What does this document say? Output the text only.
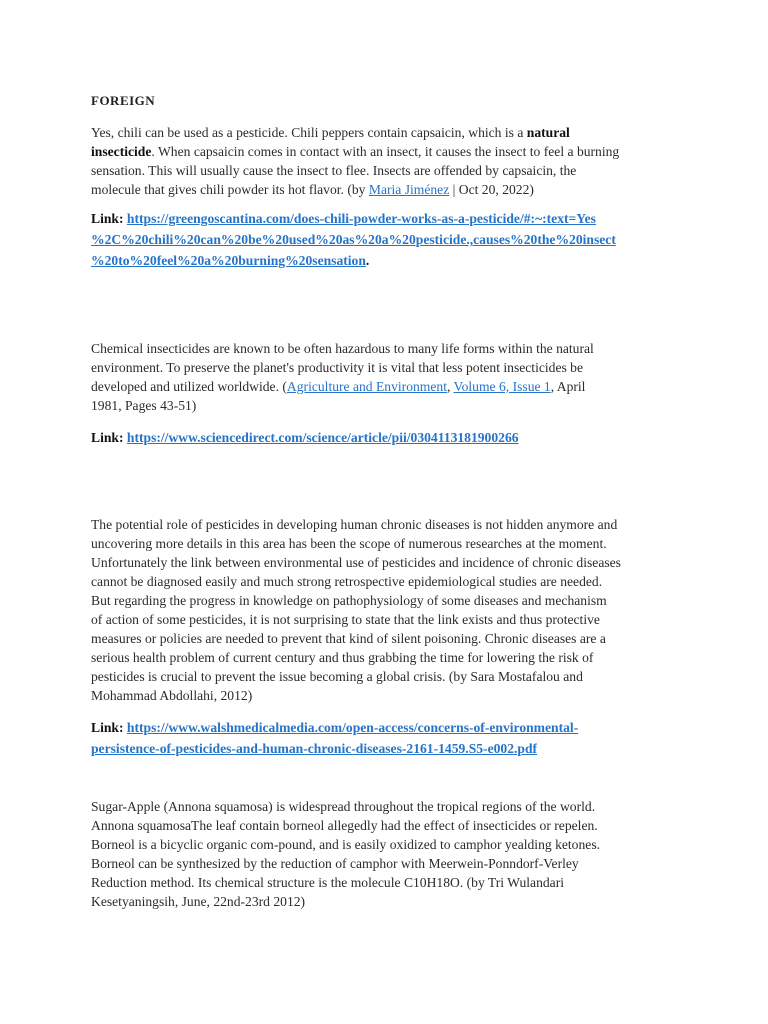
FOREIGN
Yes, chili can be used as a pesticide. Chili peppers contain capsaicin, which is a natural
insecticide. When capsaicin comes in contact with an insect, it causes the insect to feel a burning
sensation. This will usually cause the insect to flee. Insects are offended by capsaicin, the
molecule that gives chili powder its hot flavor. (by Maria Jiménez | Oct 20, 2022)
Link: https://greengoscantina.com/does-chili-powder-works-as-a-pesticide/#:~:text=Yes
%2C%20chili%20can%20be%20used%20as%20a%20pesticide.,causes%20the%20insect
%20to%20feel%20a%20burning%20sensation.
Chemical insecticides are known to be often hazardous to many life forms within the natural
environment. To preserve the planet's productivity it is vital that less potent insecticides be
developed and utilized worldwide. (Agriculture and Environment, Volume 6, Issue 1, April
1981, Pages 43-51)
Link: https://www.sciencedirect.com/science/article/pii/0304113181900266
The potential role of pesticides in developing human chronic diseases is not hidden anymore and
uncovering more details in this area has been the scope of numerous researches at the moment.
Unfortunately the link between environmental use of pesticides and incidence of chronic diseases
cannot be diagnosed easily and much strong retrospective epidemiological studies are needed.
But regarding the progress in knowledge on pathophysiology of some diseases and mechanism
of action of some pesticides, it is not surprising to state that the link exists and thus protective
measures or policies are needed to prevent that kind of silent poisoning. Chronic diseases are a
serious health problem of current century and thus grabbing the time for lowering the risk of
pesticides is crucial to prevent the issue becoming a global crisis. (by Sara Mostafalou and
Mohammad Abdollahi, 2012)
Link: https://www.walshmedicalmedia.com/open-access/concerns-of-environmental-
persistence-of-pesticides-and-human-chronic-diseases-2161-1459.S5-e002.pdf
Sugar-Apple (Annona squamosa) is widespread throughout the tropical regions of the world.
Annona squamosaThe leaf contain borneol allegedly had the effect of insecticides or repelen.
Borneol is a bicyclic organic com-pound, and is easily oxidized to camphor yealding ketones.
Borneol can be synthesized by the reduction of camphor with Meerwein-Ponndorf-Verley
Reduction method. Its chemical structure is the molecule C10H18O. (by Tri Wulandari
Kesetyaningsih, June, 22nd-23rd 2012)
